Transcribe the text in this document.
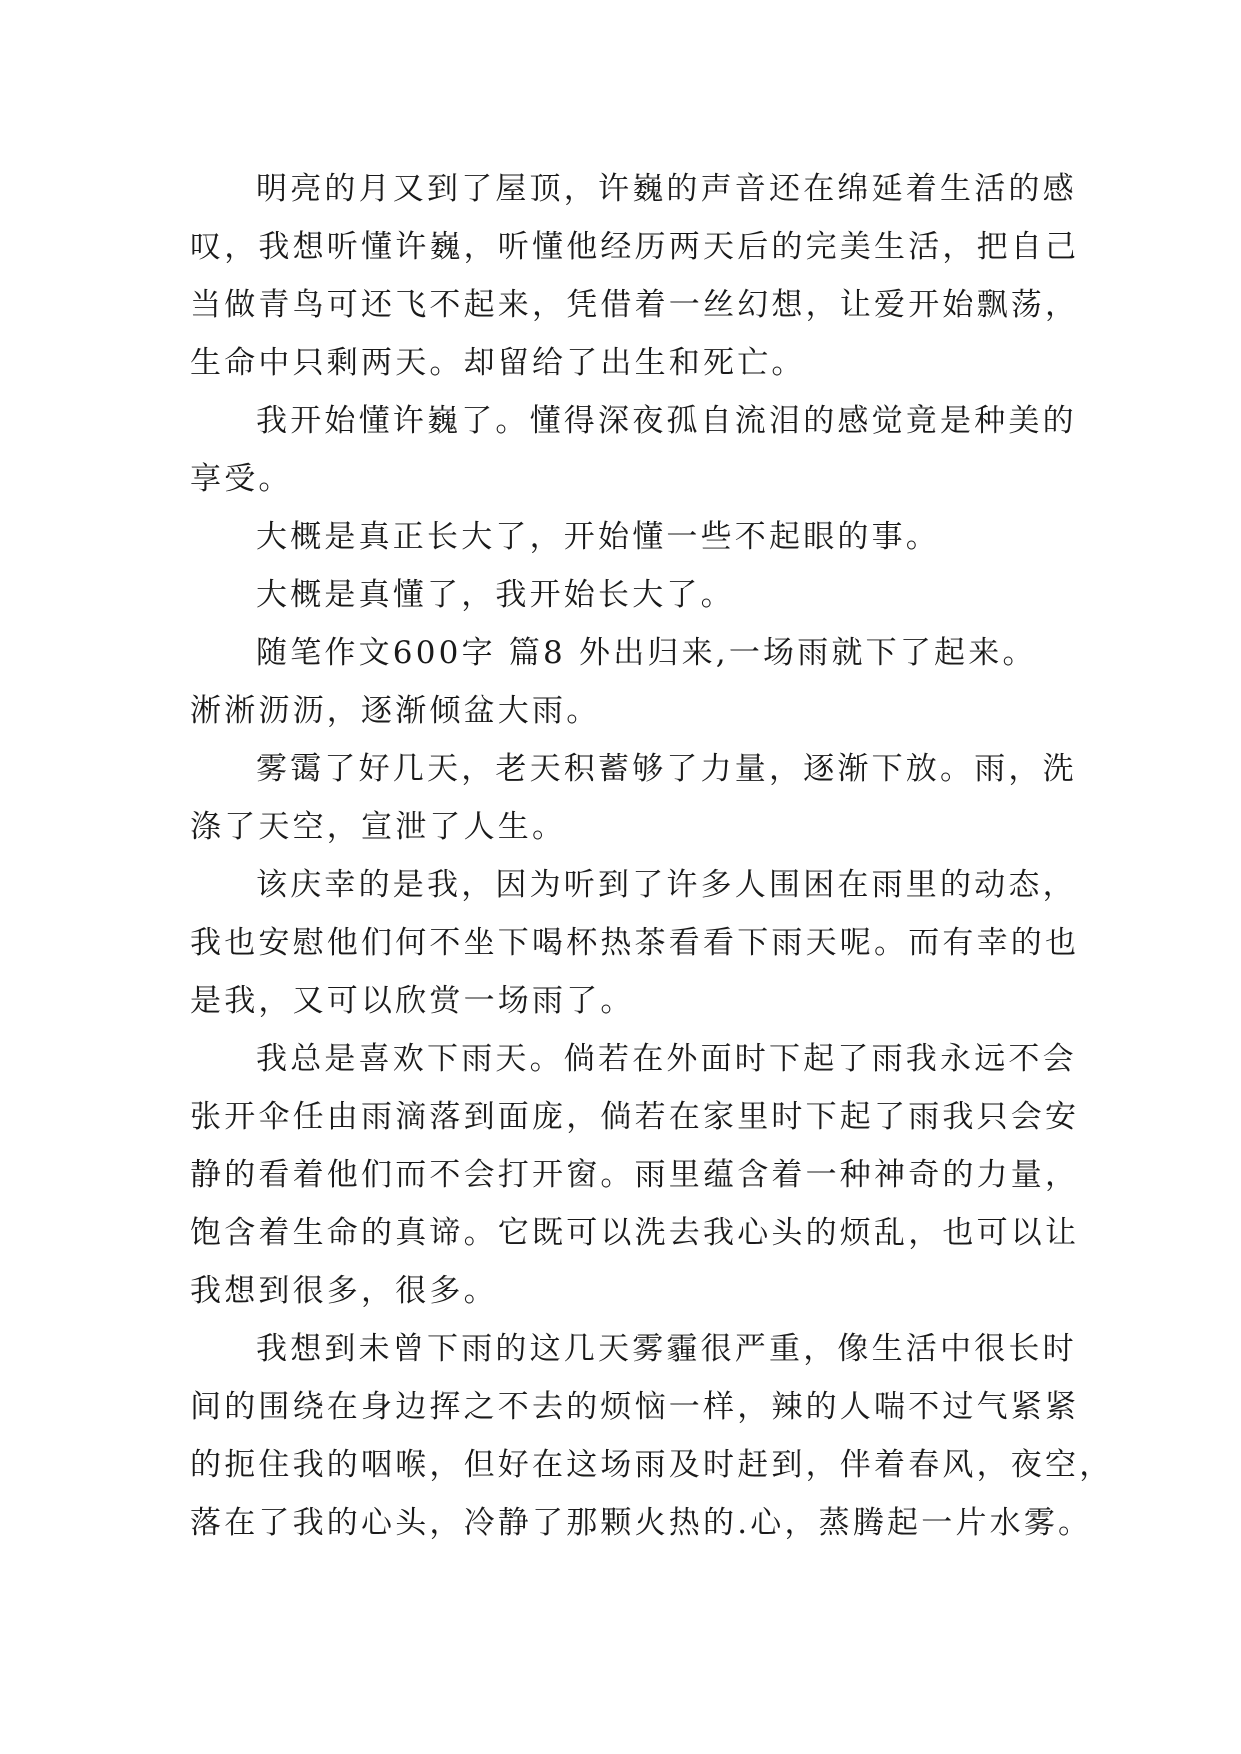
明亮的月又到了屋顶，许巍的声音还在绵延着生活的感
叹，我想听懂许巍，听懂他经历两天后的完美生活，把自己
当做青鸟可还飞不起来，凭借着一丝幻想，让爱开始飘荡，
生命中只剩两天。却留给了出生和死亡。
我开始懂许巍了。懂得深夜孤自流泪的感觉竟是种美的
享受。
大概是真正长大了，开始懂一些不起眼的事。
大概是真懂了，我开始长大了。
随笔作文600字 篇8 外出归来,一场雨就下了起来。
淅淅沥沥，逐渐倾盆大雨。
雾霭了好几天，老天积蓄够了力量，逐渐下放。雨，洗
涤了天空，宣泄了人生。
该庆幸的是我，因为听到了许多人围困在雨里的动态，
我也安慰他们何不坐下喝杯热茶看看下雨天呢。而有幸的也
是我，又可以欣赏一场雨了。
我总是喜欢下雨天。倘若在外面时下起了雨我永远不会
张开伞任由雨滴落到面庞，倘若在家里时下起了雨我只会安
静的看着他们而不会打开窗。雨里蕴含着一种神奇的力量，
饱含着生命的真谛。它既可以洗去我心头的烦乱，也可以让
我想到很多，很多。
我想到未曾下雨的这几天雾霾很严重，像生活中很长时
间的围绕在身边挥之不去的烦恼一样，辣的人喘不过气紧紧
的扼住我的咽喉，但好在这场雨及时赶到，伴着春风，夜空，
落在了我的心头，冷静了那颗火热的.心，蒸腾起一片水雾。
